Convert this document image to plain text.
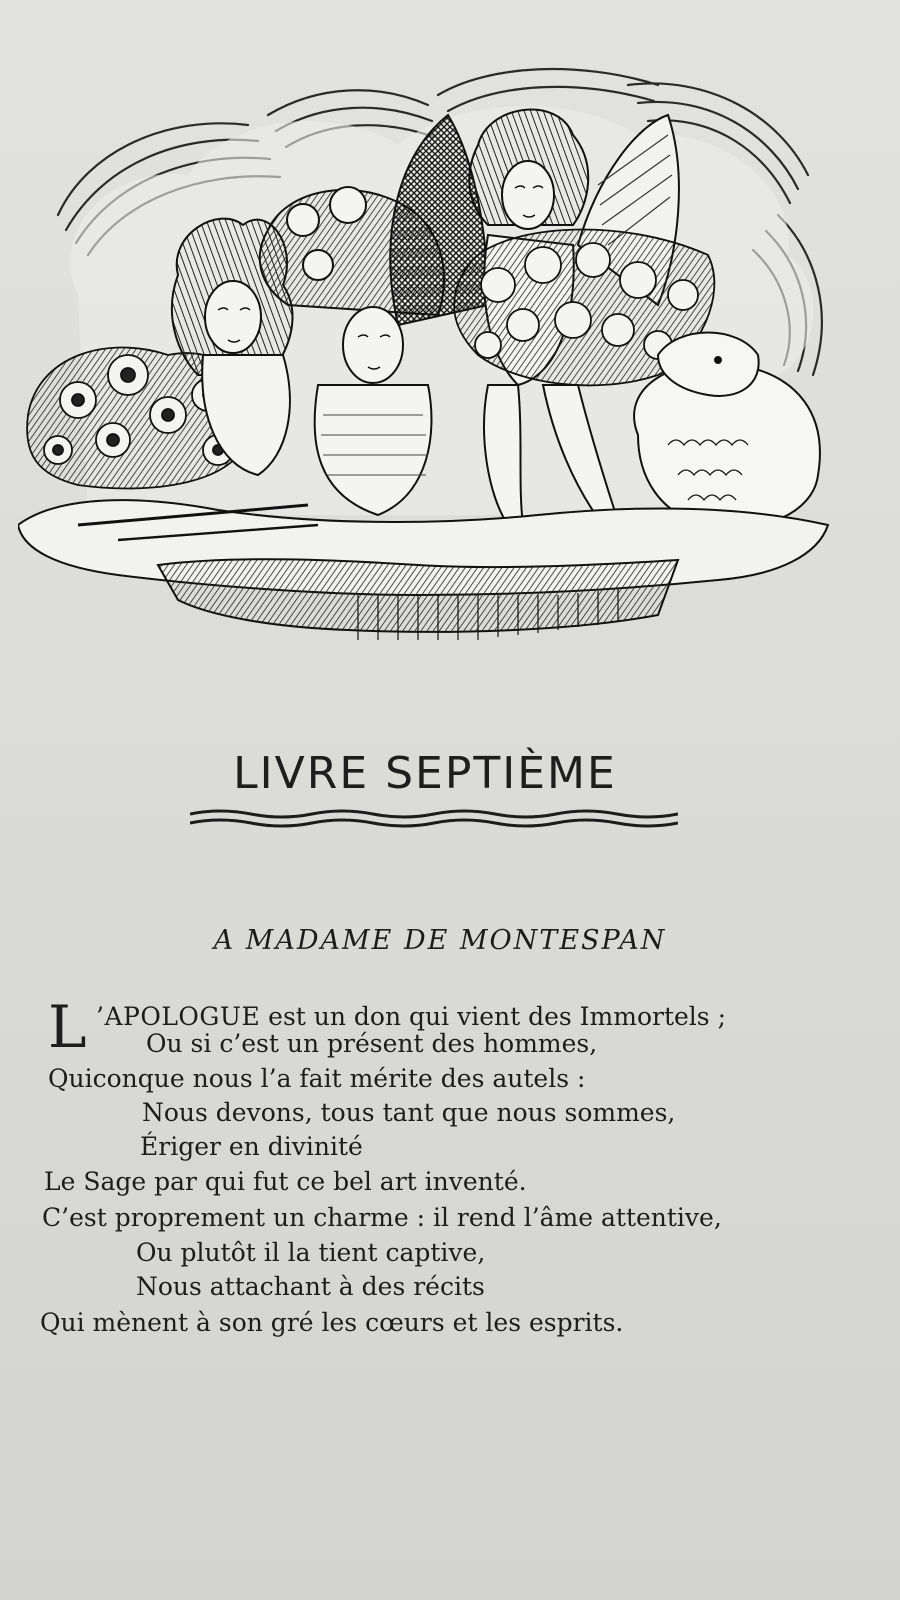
LIVRE SEPTIÈME
A MADAME DE MONTESPAN
L ’APOLOGUE est un don qui vient des Immortels ;
Ou si c’est un présent des hommes,
Quiconque nous l’a fait mérite des autels :
Nous devons, tous tant que nous sommes,
Ériger en divinité
Le Sage par qui fut ce bel art inventé.
C’est proprement un charme : il rend l’âme attentive,
Ou plutôt il la tient captive,
Nous attachant à des récits
Qui mènent à son gré les cœurs et les esprits.
